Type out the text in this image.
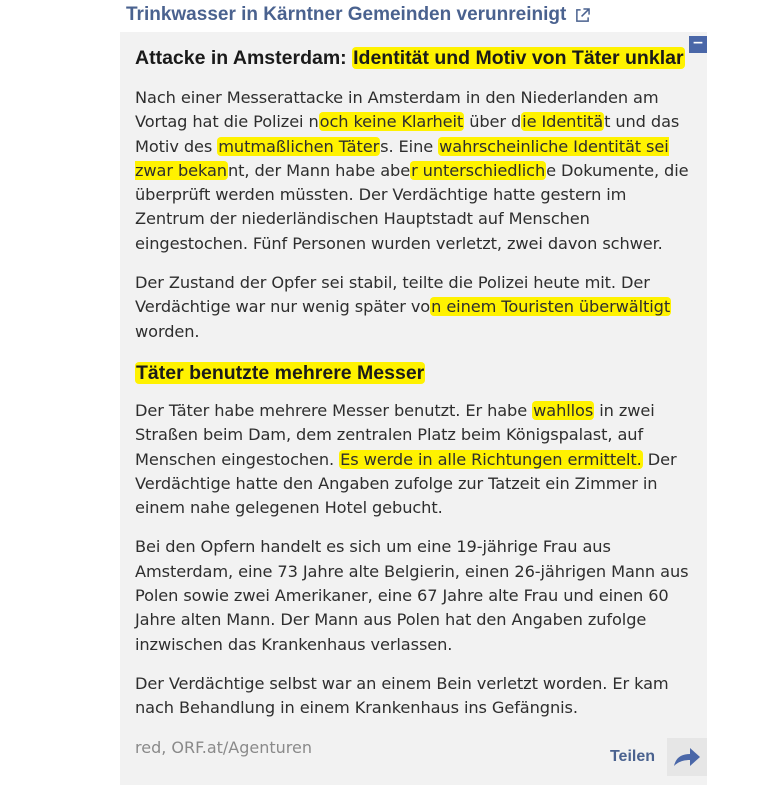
Trinkwasser in Kärntner Gemeinden verunreinigt
−
Attacke in Amsterdam: Identität und Motiv von Täter unklar

Nach einer Messerattacke in Amsterdam in den Niederlanden am Vortag hat die Polizei noch keine Klarheit über die Identität und das Motiv des mutmaßlichen Täters. Eine wahrscheinliche Identität sei zwar bekannt, der Mann habe aber unterschiedliche Dokumente, die überprüft werden müssten. Der Verdächtige hatte gestern im Zentrum der niederländischen Hauptstadt auf Menschen eingestochen. Fünf Personen wurden verletzt, zwei davon schwer.

Der Zustand der Opfer sei stabil, teilte die Polizei heute mit. Der Verdächtige war nur wenig später von einem Touristen überwältigt worden.

Täter benutzte mehrere Messer

Der Täter habe mehrere Messer benutzt. Er habe wahllos in zwei Straßen beim Dam, dem zentralen Platz beim Königspalast, auf Menschen eingestochen. Es werde in alle Richtungen ermittelt. Der Verdächtige hatte den Angaben zufolge zur Tatzeit ein Zimmer in einem nahe gelegenen Hotel gebucht.

Bei den Opfern handelt es sich um eine 19-jährige Frau aus Amsterdam, eine 73 Jahre alte Belgierin, einen 26-jährigen Mann aus Polen sowie zwei Amerikaner, eine 67 Jahre alte Frau und einen 60 Jahre alten Mann. Der Mann aus Polen hat den Angaben zufolge inzwischen das Krankenhaus verlassen.

Der Verdächtige selbst war an einem Bein verletzt worden. Er kam nach Behandlung in einem Krankenhaus ins Gefängnis.

red, ORF.at/Agenturen	Teilen
